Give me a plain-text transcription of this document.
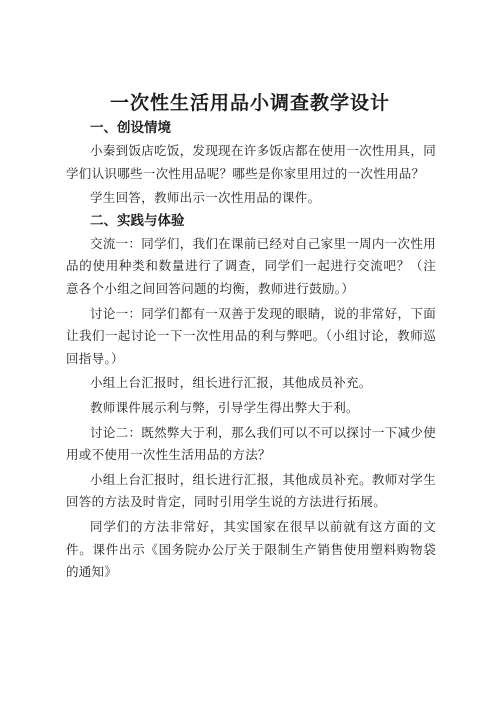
一次性生活用品小调查教学设计

一、创设情境

小秦到饭店吃饭，发现现在许多饭店都在使用一次性用具，同学们认识哪些一次性用品呢？哪些是你家里用过的一次性用品？

学生回答，教师出示一次性用品的课件。

二、实践与体验

交流一：同学们，我们在课前已经对自己家里一周内一次性用品的使用种类和数量进行了调查，同学们一起进行交流吧？（注意各个小组之间回答问题的均衡，教师进行鼓励。）

讨论一：同学们都有一双善于发现的眼睛，说的非常好，下面让我们一起讨论一下一次性用品的利与弊吧。（小组讨论，教师巡回指导。）

小组上台汇报时，组长进行汇报，其他成员补充。

教师课件展示利与弊，引导学生得出弊大于利。

讨论二：既然弊大于利，那么我们可以不可以探讨一下减少使用或不使用一次性生活用品的方法？

小组上台汇报时，组长进行汇报，其他成员补充。教师对学生回答的方法及时肯定，同时引用学生说的方法进行拓展。

同学们的方法非常好，其实国家在很早以前就有这方面的文件。课件出示《国务院办公厅关于限制生产销售使用塑料购物袋的通知》
